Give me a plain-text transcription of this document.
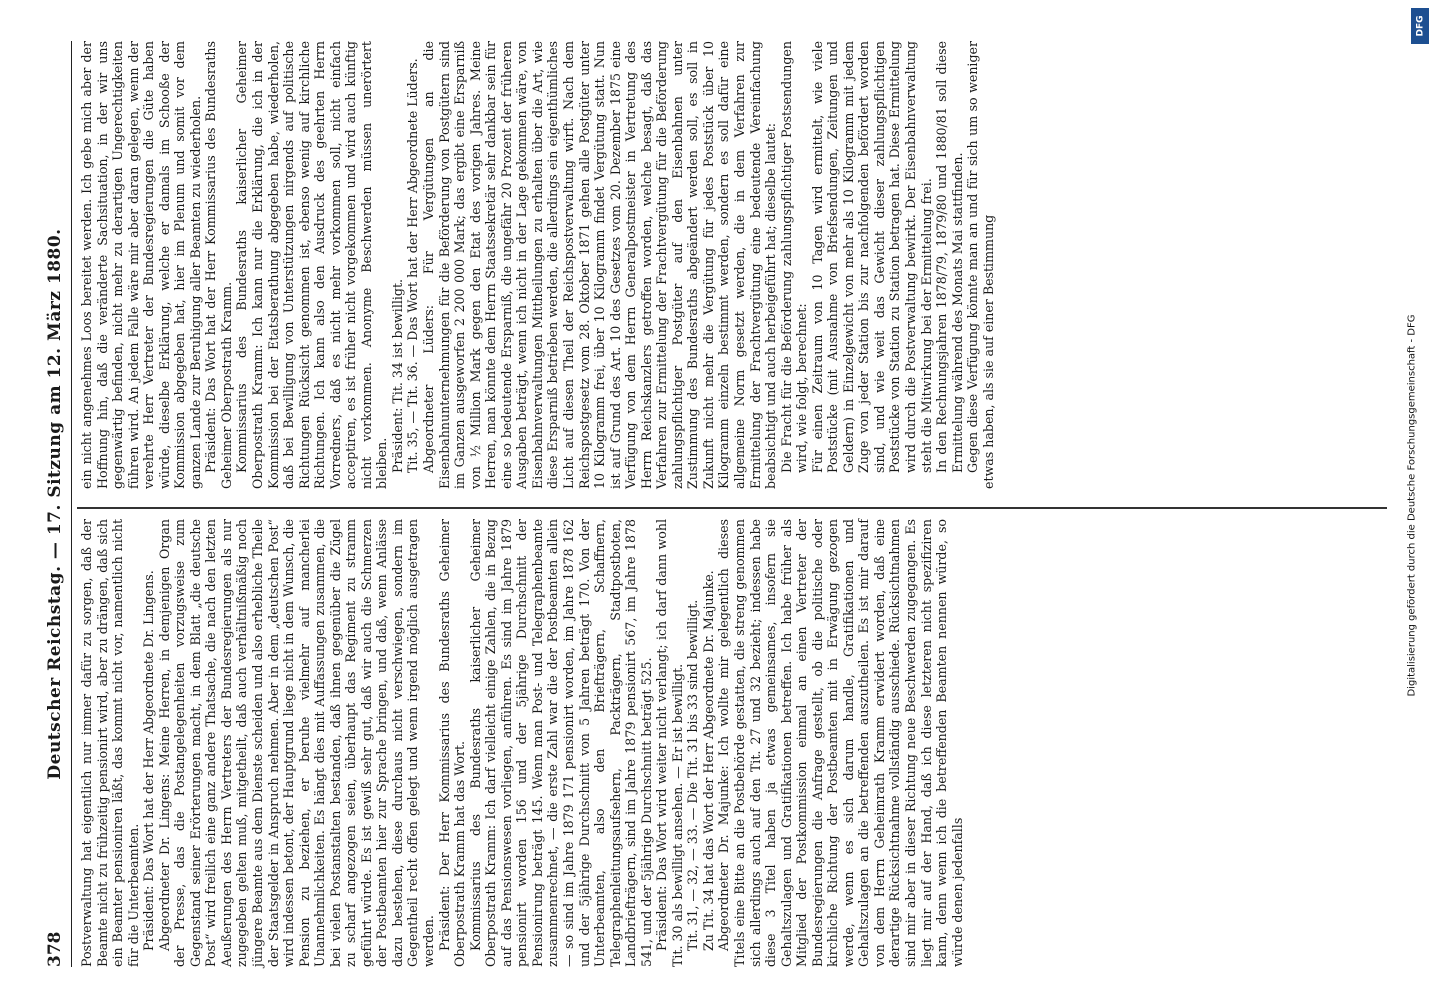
378
Deutscher Reichstag. — 17. Sitzung am 12. März 1880. Postverwaltung hat eigentlich nur immer dafür zu sorgen, daß der Beamte nicht zu frühzeitig pensionirt wird, aber zu drängen, daß sich ein Beamter pensioniren läßt, das kommt nicht vor, namentlich nicht für die Unterbeamten. Präsident: Das Wort hat der Herr Abgeordnete Dr. Lingens. Abgeordneter Dr. Lingens: Meine Herren, in demjenigen Organ der Presse, das die Postangelegenheiten vorzugsweise zum Gegenstand seiner Erörterungen macht, in dem Blatt „die deutsche Post“ wird freilich eine ganz andere Thatsache, die nach den letzten Aeußerungen des Herrn Vertreters der Bundesregierungen als nur zugegeben gelten muß, mitgetheilt, daß auch verhältnißmäßig noch jüngere Beamte aus dem Dienste scheiden und also erhebliche Theile der Staatsgelder in Anspruch nehmen. Aber in dem „deutschen Post“ wird indessen betont, der Hauptgrund liege nicht in dem Wunsch, die Pension zu beziehen, er beruhe vielmehr auf mancherlei Unannehmlichkeiten. Es hängt dies mit Auffassungen zusammen, die bei vielen Postanstalten bestanden, daß ihnen gegenüber die Zügel zu scharf angezogen seien, überhaupt das Regiment zu stramm geführt würde. Es ist gewiß sehr gut, daß wir auch die Schmerzen der Postbeamten hier zur Sprache bringen, und daß, wenn Anlässe dazu bestehen, diese durchaus nicht verschwiegen, sondern im Gegentheil recht offen gelegt und wenn irgend möglich ausgetragen werden. Präsident: Der Herr Kommissarius des Bundesraths Geheimer Oberpostrath Kramm hat das Wort. Kommissarius des Bundesraths kaiserlicher Geheimer Oberpostrath Kramm: Ich darf vielleicht einige Zahlen, die in Bezug auf das Pensionswesen vorliegen, anführen. Es sind im Jahre 1879 pensionirt worden 156 und der 5jährige Durchschnitt der Pensionirung beträgt 145. Wenn man Post- und Telegraphenbeamte zusammenrechnet, — die erste Zahl war die der Postbeamten allein — so sind im Jahre 1879 171 pensionirt worden, im Jahre 1878 162 und der 5jährige Durchschnitt von 5 Jahren beträgt 170. Von der Unterbeamten, also den Briefträgern, Schaffnern, Telegraphenleitungsaufsehern, Packträgern, Stadtpostboten, Landbriefträgern, sind im Jahre 1879 pensionirt 567, im Jahre 1878 541, und der 5jährige Durchschnitt beträgt 525. Präsident: Das Wort wird weiter nicht verlangt; ich darf dann wohl Tit. 30 als bewilligt ansehen. — Er ist bewilligt. Tit. 31, — 32, — 33. — Die Tit. 31 bis 33 sind bewilligt. Zu Tit. 34 hat das Wort der Herr Abgeordnete Dr. Majunke. Abgeordneter Dr. Majunke: Ich wollte mir gelegentlich dieses Titels eine Bitte an die Postbehörde gestatten, die streng genommen sich allerdings auch auf den Tit. 27 und 32 bezieht; indessen habe diese 3 Titel haben ja etwas gemeinsames, insofern sie Gehaltszulagen und Gratifikationen betreffen. Ich habe früher als Mitglied der Postkommission einmal an einen Vertreter der Bundesregierungen die Anfrage gestellt, ob die politische oder kirchliche Richtung der Postbeamten mit in Erwägung gezogen werde, wenn es sich darum handle, Gratifikationen und Gehaltszulagen an die betreffenden auszutheilen. Es ist mir darauf von dem Herrn Geheimrath Kramm erwidert worden, daß eine derartige Rücksichtnahme vollständig ausschiede. Rücksichtnahmen sind mir aber in dieser Richtung neue Beschwerden zugegangen. Es liegt mir auf der Hand, daß ich diese letzteren nicht spezifiziren kann, denn wenn ich die betreffenden Beamten nennen würde, so würde denen jedenfalls

ein nicht angenehmes Loos bereitet werden. Ich gebe mich aber der Hoffnung hin, daß die veränderte Sachsituation, in der wir uns gegenwärtig befinden, nicht mehr zu derartigen Ungerechtigkeiten führen wird. An jedem Falle wäre mir aber daran gelegen, wenn der verehrte Herr Vertreter der Bundesregierungen die Güte haben würde, dieselbe Erklärung, welche er damals im Schooße der Kommission abgegeben hat, hier im Plenum und somit vor dem ganzen Lande zur Beruhigung aller Beamten zu wiederholen. Präsident: Das Wort hat der Herr Kommissarius des Bundesraths Geheimer Oberpostrath Kramm. Kommissarius des Bundesraths kaiserlicher Geheimer Oberpostrath Kramm: Ich kann nur die Erklärung, die ich in der Kommission bei der Etatsberathung abgegeben habe, wiederholen, daß bei Bewilligung von Unterstützungen nirgends auf politische Richtungen Rücksicht genommen ist, ebenso wenig auf kirchliche Richtungen. Ich kann also den Ausdruck des geehrten Herrn Vorredners, daß es nicht mehr vorkommen soll, nicht einfach acceptiren, es ist früher nicht vorgekommen und wird auch künftig nicht vorkommen. Anonyme Beschwerden müssen unerörtert bleiben. Präsident: Tit. 34 ist bewilligt. Tit. 35, — Tit. 36. — Das Wort hat der Herr Abgeordnete Lüders. Abgeordneter Lüders: Für Vergütungen an die Eisenbahnunternehmungen für die Beförderung von Postgütern sind im Ganzen ausgeworfen 2 200 000 Mark; das ergibt eine Ersparniß von ½ Million Mark gegen den Etat des vorigen Jahres. Meine Herren, man könnte dem Herrn Staatssekretär sehr dankbar sein für eine so bedeutende Ersparniß, die ungefähr 20 Prozent der früheren Ausgaben beträgt, wenn ich nicht in der Lage gekommen wäre, von Eisenbahnverwaltungen Mittheilungen zu erhalten über die Art, wie diese Ersparniß betrieben werden, die allerdings ein eigenthümliches Licht auf diesen Theil der Reichspostverwaltung wirft. Nach dem Reichspostgesetz vom 28. Oktober 1871 gehen alle Postgüter unter 10 Kilogramm frei, über 10 Kilogramm findet Vergütung statt. Nun ist auf Grund des Art. 10 des Gesetzes vom 20. Dezember 1875 eine Verfügung von dem Herrn Generalpostmeister in Vertretung des Herrn Reichskanzlers getroffen worden, welche besagt, daß das Verfahren zur Ermittelung der Frachtvergütung für die Beförderung zahlungspflichtiger Postgüter auf den Eisenbahnen unter Zustimmung des Bundesraths abgeändert werden soll, es soll in Zukunft nicht mehr die Vergütung für jedes Poststück über 10 Kilogramm einzeln bestimmt werden, sondern es soll dafür eine allgemeine Norm gesetzt werden, die in dem Verfahren zur Ermittelung der Frachtvergütung eine bedeutende Vereinfachung beabsichtigt und auch herbeigeführt hat; dieselbe lautet: Die Fracht für die Beförderung zahlungspflichtiger Postsendungen wird, wie folgt, berechnet: Für einen Zeitraum von 10 Tagen wird ermittelt, wie viele Poststücke (mit Ausnahme von Briefsendungen, Zeitungen und Geldern) in Einzelgewicht von mehr als 10 Kilogramm mit jedem Zuge von jeder Station bis zur nachfolgenden befördert worden sind, und wie weit das Gewicht dieser zahlungspflichtigen Poststücke von Station zu Station betragen hat. Diese Ermittelung wird durch die Postverwaltung bewirkt. Der Eisenbahnverwaltung steht die Mitwirkung bei der Ermittelung frei. In den Rechnungsjahren 1878/79, 1879/80 und 1880/81 soll diese Ermittelung während des Monats Mai stattfinden. Gegen diese Verfügung könnte man an und für sich um so weniger etwas haben, als sie auf einer Bestimmung	Digitalisierung gefördert durch die Deutsche Forschungsgemeinschaft - DFG
DFG
